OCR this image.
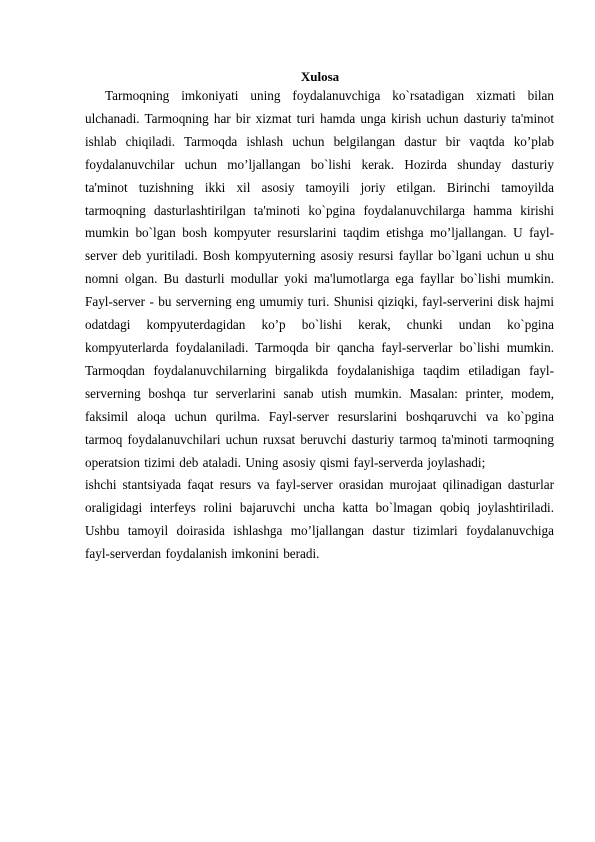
Xulosa

Tarmoqning imkoniyati uning foydalanuvchiga ko`rsatadigan xizmati bilan ulchanadi. Tarmoqning har bir xizmat turi hamda unga kirish uchun dasturiy ta'minot ishlab chiqiladi. Tarmoqda ishlash uchun belgilangan dastur bir vaqtda ko’plab foydalanuvchilar uchun mo’ljallangan bo`lishi kerak. Hozirda shunday dasturiy ta'minot tuzishning ikki xil asosiy tamoyili joriy etilgan. Birinchi tamoyilda tarmoqning dasturlashtirilgan ta'minoti ko`pgina foydalanuvchilarga hamma kirishi mumkin bo`lgan bosh kompyuter resurslarini taqdim etishga mo’ljallangan. U fayl-server deb yuritiladi. Bosh kompyuterning asosiy resursi fayllar bo`lgani uchun u shu nomni olgan. Bu dasturli modullar yoki ma'lumotlarga ega fayllar bo`lishi mumkin. Fayl-server - bu serverning eng umumiy turi. Shunisi qiziqki, fayl-serverini disk hajmi odatdagi kompyuterdagidan ko’p bo`lishi kerak, chunki undan ko`pgina kompyuterlarda foydalaniladi. Tarmoqda bir qancha fayl-serverlar bo`lishi mumkin. Tarmoqdan foydalanuvchilarning birgalikda foydalanishiga taqdim etiladigan fayl-serverning boshqa tur serverlarini sanab utish mumkin. Masalan: printer, modem, faksimil aloqa uchun qurilma. Fayl-server resurslarini boshqaruvchi va ko`pgina tarmoq foydalanuvchilari uchun ruxsat beruvchi dasturiy tarmoq ta'minoti tarmoqning operatsion tizimi deb ataladi. Uning asosiy qismi fayl-serverda joylashadi;

ishchi stantsiyada faqat resurs va fayl-server orasidan murojaat qilinadigan dasturlar oraligidagi interfeys rolini bajaruvchi uncha katta bo`lmagan qobiq joylashtiriladi. Ushbu tamoyil doirasida ishlashga mo’ljallangan dastur tizimlari foydalanuvchiga fayl-serverdan foydalanish imkonini beradi.
